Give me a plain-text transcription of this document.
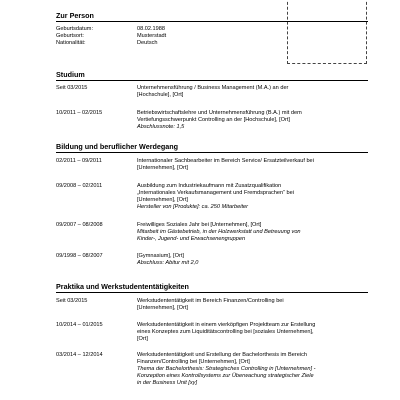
Zur Person
Geburtsdatum:	08.02.1988
Geburtsort:	Musterstadt
Nationalität:	Deutsch
Studium
Seit 03/2015	Unternehmensführung / Business Management (M.A.) an der
[Hochschule], [Ort]
10/2011 – 02/2015	Betriebswirtschaftslehre und Unternehmensführung (B.A.) mit dem
Vertiefungsschwerpunkt Controlling an der [Hochschule], [Ort]
Abschlussnote: 1,5
Bildung und beruflicher Werdegang
02/2011 – 09/2011	Internationaler Sachbearbeiter im Bereich Service/ Ersatzteilverkauf bei
[Unternehmen], [Ort]
09/2008 – 02/2011	Ausbildung zum Industriekaufmann mit Zusatzqualifikation
„Internationales Verkaufsmanagement und Fremdsprachen“ bei
[Unternehmen], [Ort]
Hersteller von [Produkte]: ca. 250 Mitarbeiter
09/2007 – 08/2008	Freiwilliges Soziales Jahr bei [Unternehmen], [Ort]
Mitarbeit im Gästebetrieb, in der Holzwerkstatt und Betreuung von
Kinder-, Jugend- und Erwachsenengruppen
09/1998 – 08/2007	[Gymnasium], [Ort]
Abschluss: Abitur mit 2,0
Praktika und Werkstudententätigkeiten
Seit 03/2015	Werkstudententätigkeit im Bereich Finanzen/Controlling bei
[Unternehmen], [Ort]
10/2014 – 01/2015	Werkstudententätigkeit in einem vierköpfigen Projektteam zur Erstellung
eines Konzeptes zum Liquiditätscontrolling bei [soziales Unternehmen],
[Ort]
03/2014 – 12/2014	Werkstudententätigkeit und Erstellung der Bachelorthesis im Bereich
Finanzen/Controlling bei [Unternehmen], [Ort]
Thema der Bachelorthesis: Strategisches Controlling in [Unternehmen] -
Konzeption eines Kontrollsystems zur Überwachung strategischer Ziele
in der Business Unit [xy]
